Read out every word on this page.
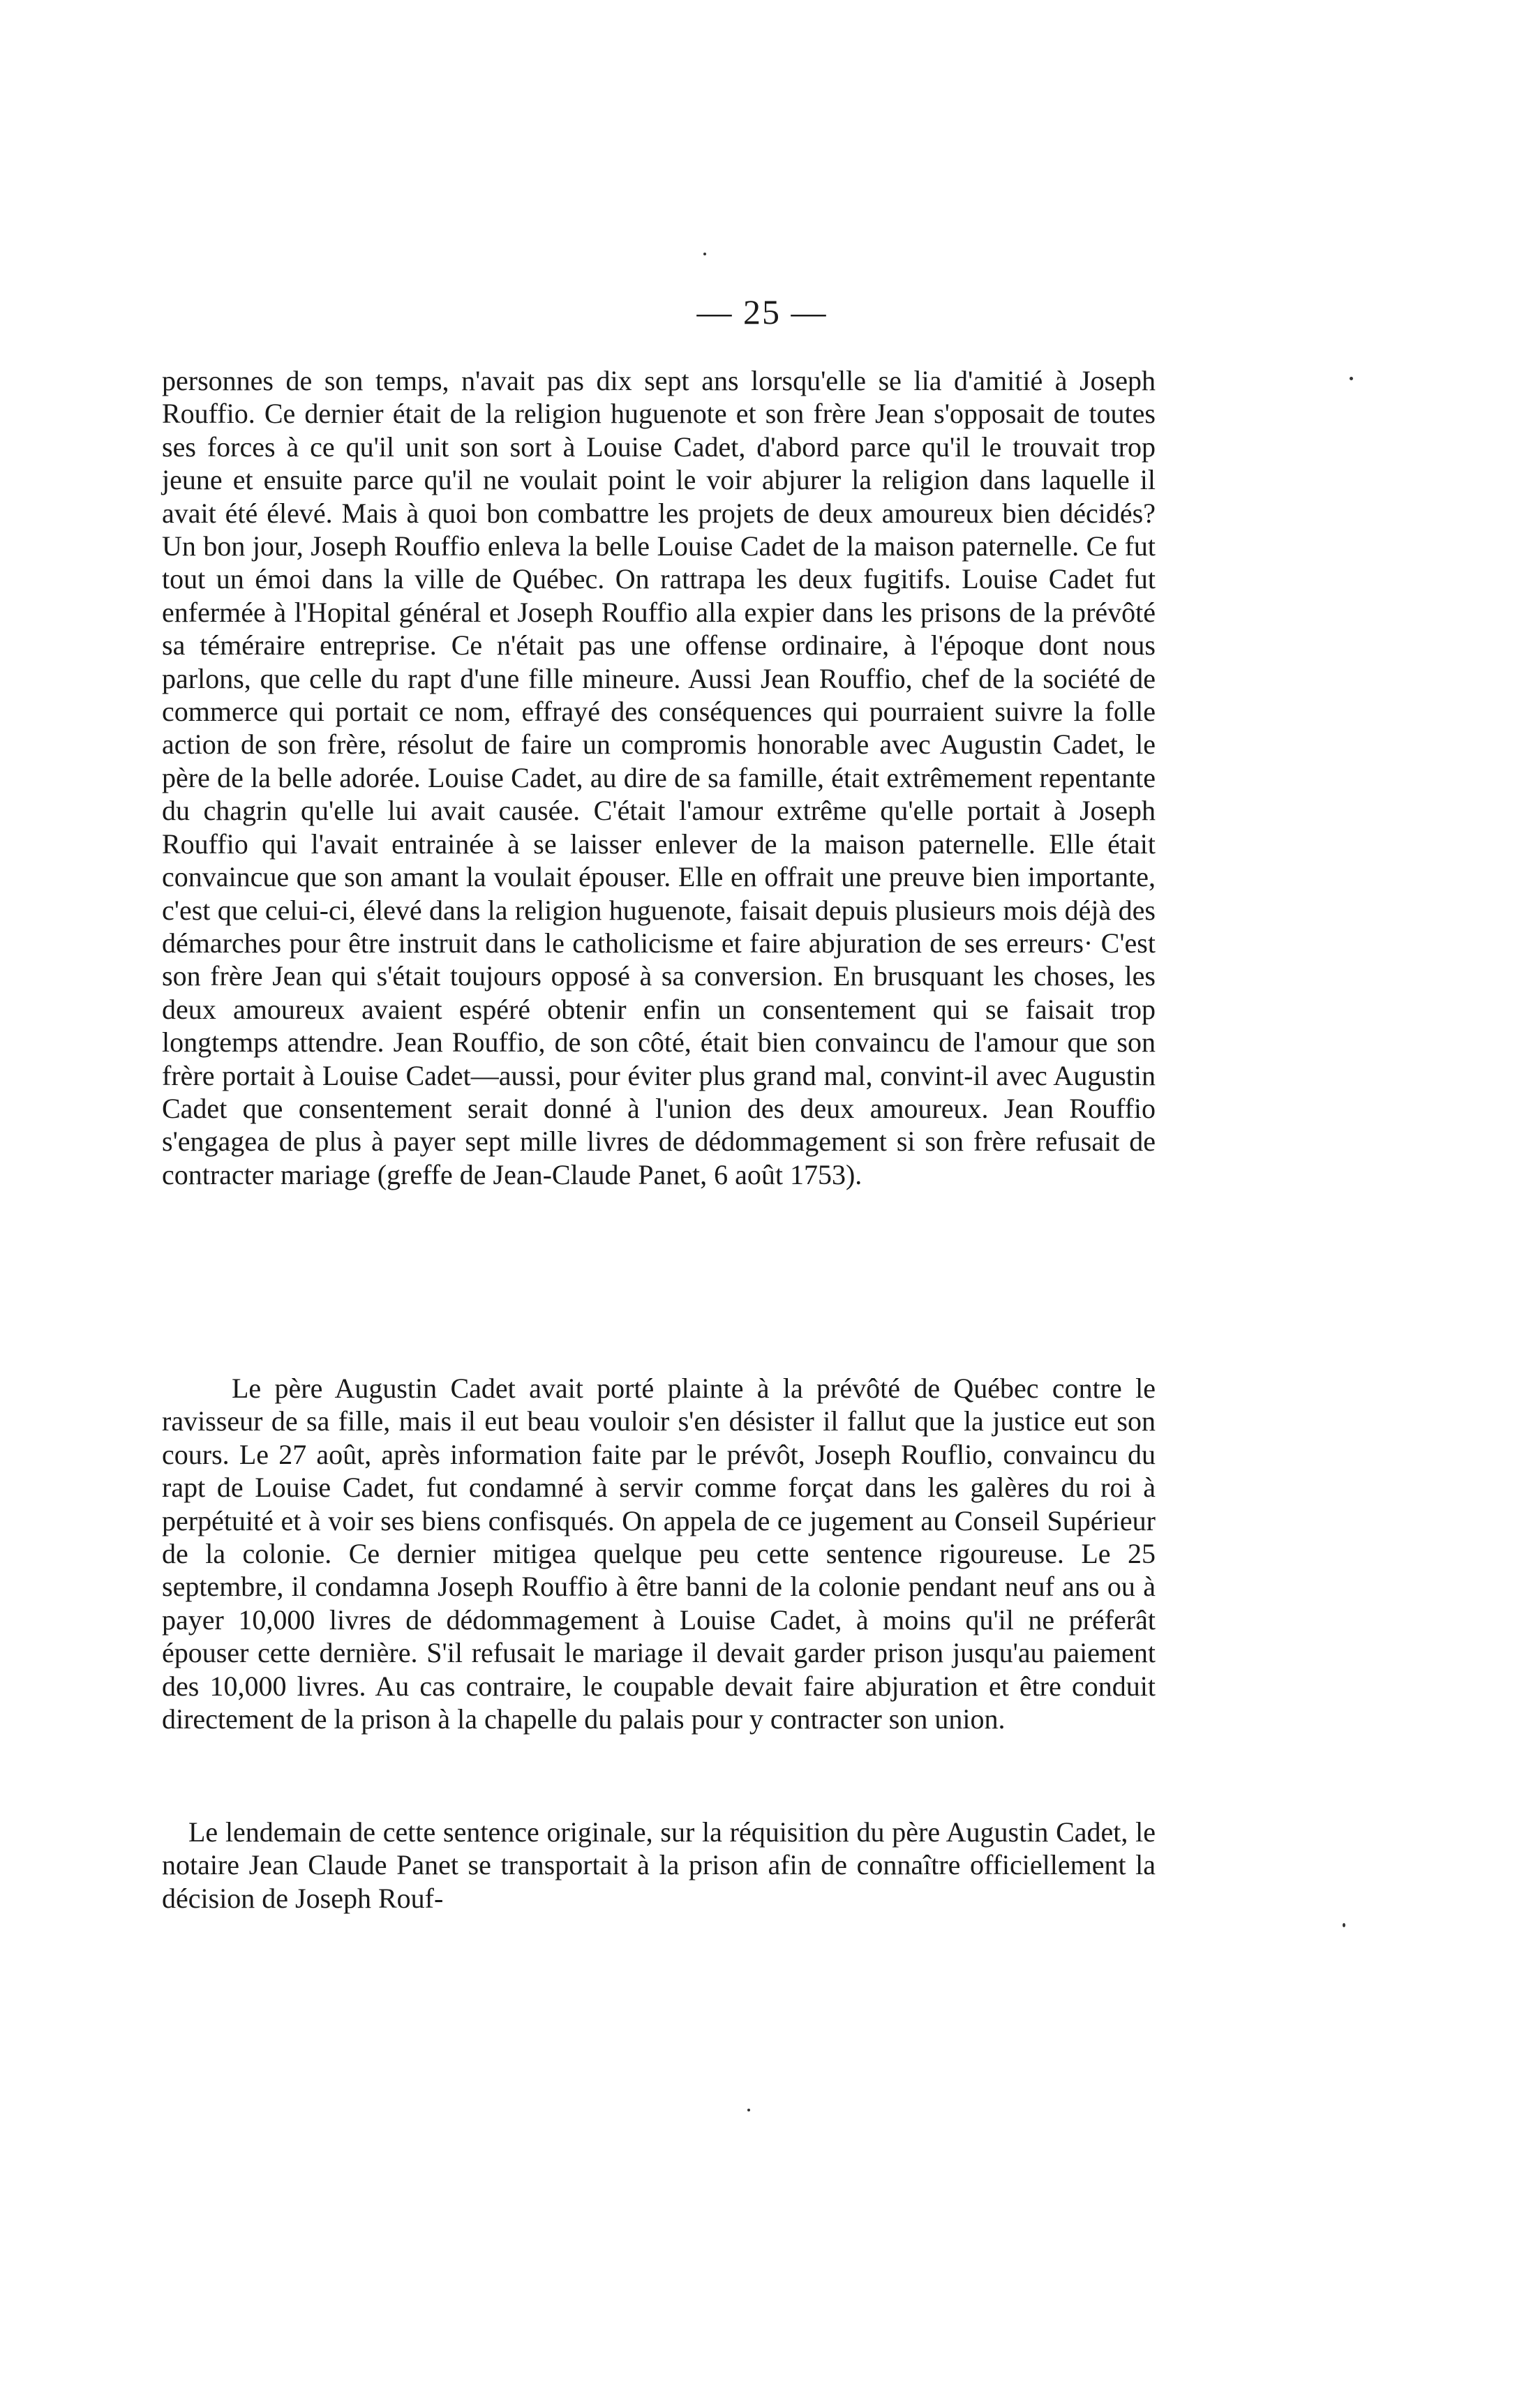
— 25 —
personnes de son temps, n'avait pas dix sept ans lorsqu'elle se lia d'amitié à Joseph Rouffio. Ce dernier était de la religion huguenote et son frère Jean s'opposait de toutes ses forces à ce qu'il unit son sort à Louise Cadet, d'abord parce qu'il le trouvait trop jeune et ensuite parce qu'il ne voulait point le voir abjurer la religion dans laquelle il avait été élevé. Mais à quoi bon combattre les projets de deux amoureux bien décidés? Un bon jour, Joseph Rouffio enleva la belle Louise Cadet de la maison paternelle. Ce fut tout un émoi dans la ville de Québec. On rattrapa les deux fugitifs. Louise Cadet fut enfermée à l'Hopital général et Joseph Rouffio alla expier dans les prisons de la prévôté sa téméraire entreprise. Ce n'était pas une offense ordinaire, à l'époque dont nous parlons, que celle du rapt d'une fille mineure. Aussi Jean Rouffio, chef de la société de commerce qui portait ce nom, effrayé des conséquences qui pourraient suivre la folle action de son frère, résolut de faire un compromis honorable avec Augustin Cadet, le père de la belle adorée. Louise Cadet, au dire de sa famille, était extrêmement repentante du chagrin qu'elle lui avait causée. C'était l'amour extrême qu'elle portait à Joseph Rouffio qui l'avait entrainée à se laisser enlever de la maison paternelle. Elle était convaincue que son amant la voulait épouser. Elle en offrait une preuve bien importante, c'est que celui-ci, élevé dans la religion huguenote, faisait depuis plusieurs mois déjà des démarches pour être instruit dans le catholicisme et faire abjuration de ses erreurs· C'est son frère Jean qui s'était toujours opposé à sa conversion. En brusquant les choses, les deux amoureux avaient espéré obtenir enfin un consentement qui se faisait trop longtemps attendre. Jean Rouffio, de son côté, était bien convaincu de l'amour que son frère portait à Louise Cadet—aussi, pour éviter plus grand mal, convint-il avec Augustin Cadet que consentement serait donné à l'union des deux amoureux. Jean Rouffio s'engagea de plus à payer sept mille livres de dédommagement si son frère refusait de contracter mariage (greffe de Jean-Claude Panet, 6 août 1753).
Le père Augustin Cadet avait porté plainte à la prévôté de Québec contre le ravisseur de sa fille, mais il eut beau vouloir s'en désister il fallut que la justice eut son cours. Le 27 août, après information faite par le prévôt, Joseph Rouflio, convaincu du rapt de Louise Cadet, fut condamné à servir comme forçat dans les galères du roi à perpétuité et à voir ses biens confisqués. On appela de ce jugement au Conseil Supérieur de la colonie. Ce dernier mitigea quelque peu cette sentence rigoureuse. Le 25 septembre, il condamna Joseph Rouffio à être banni de la colonie pendant neuf ans ou à payer 10,000 livres de dédommagement à Louise Cadet, à moins qu'il ne préferât épouser cette dernière. S'il refusait le mariage il devait garder prison jusqu'au paiement des 10,000 livres. Au cas contraire, le coupable devait faire abjuration et être conduit directement de la prison à la chapelle du palais pour y contracter son union.
Le lendemain de cette sentence originale, sur la réquisition du père Augustin Cadet, le notaire Jean Claude Panet se transportait à la prison afin de connaître officiellement la décision de Joseph Rouf-
